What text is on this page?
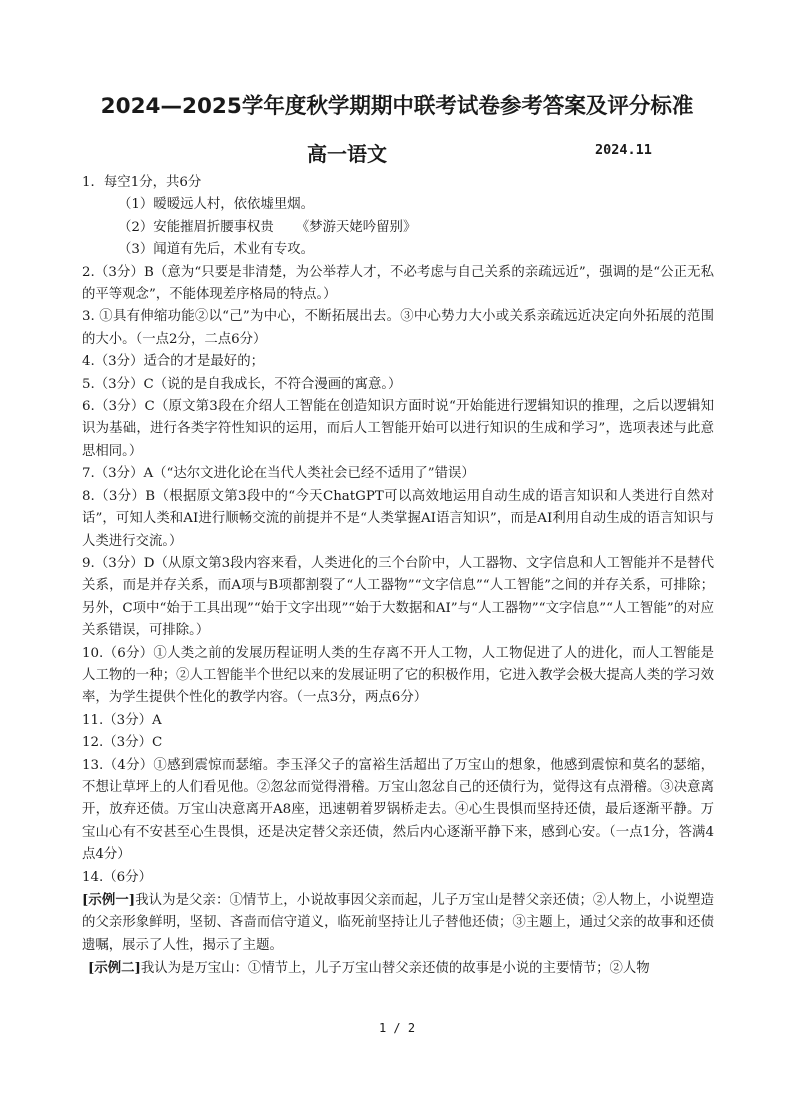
2024—2025学年度秋学期期中联考试卷参考答案及评分标准
高一语文	2024.11

1．每空1分，共6分

（1）暧暧远人村，依依墟里烟。

（2）安能摧眉折腰事权贵 《梦游天姥吟留别》

（3）闻道有先后，术业有专攻。

2.（3分）B（意为“只要是非清楚，为公举荐人才，不必考虑与自己关系的亲疏远近”，强调的是“公正无私的平等观念”，不能体现差序格局的特点。）

3. ①具有伸缩功能②以“己”为中心，不断拓展出去。③中心势力大小或关系亲疏远近决定向外拓展的范围的大小。（一点2分，二点6分）

4.（3分）适合的才是最好的；

5.（3分）C（说的是自我成长，不符合漫画的寓意。）

6.（3分）C（原文第3段在介绍人工智能在创造知识方面时说“开始能进行逻辑知识的推理，之后以逻辑知识为基础，进行各类字符性知识的运用，而后人工智能开始可以进行知识的生成和学习”，选项表述与此意思相同。）

7.（3分）A（“达尔文进化论在当代人类社会已经不适用了”错误）

8.（3分）B（根据原文第3段中的“今天ChatGPT可以高效地运用自动生成的语言知识和人类进行自然对话”，可知人类和AI进行顺畅交流的前提并不是“人类掌握AI语言知识”，而是AI利用自动生成的语言知识与人类进行交流。）

9.（3分）D（从原文第3段内容来看，人类进化的三个台阶中，人工器物、文字信息和人工智能并不是替代关系，而是并存关系，而A项与B项都割裂了“人工器物”“文字信息”“人工智能”之间的并存关系，可排除；另外，C项中“始于工具出现”“始于文字出现”“始于大数据和AI”与“人工器物”“文字信息”“人工智能”的对应关系错误，可排除。）

10.（6分）①人类之前的发展历程证明人类的生存离不开人工物，人工物促进了人的进化，而人工智能是人工物的一种；②人工智能半个世纪以来的发展证明了它的积极作用，它进入教学会极大提高人类的学习效率，为学生提供个性化的教学内容。（一点3分，两点6分）

11.（3分）A

12.（3分）C

13.（4分）①感到震惊而瑟缩。李玉泽父子的富裕生活超出了万宝山的想象，他感到震惊和莫名的瑟缩，不想让草坪上的人们看见他。②忽忿而觉得滑稽。万宝山忽忿自己的还债行为，觉得这有点滑稽。③决意离开，放弃还债。万宝山决意离开A8座，迅速朝着罗锅桥走去。④心生畏惧而坚持还债，最后逐渐平静。万宝山心有不安甚至心生畏惧，还是决定替父亲还债，然后内心逐渐平静下来，感到心安。（一点1分，答满4点4分）

14.（6分）

[示例一]我认为是父亲：①情节上，小说故事因父亲而起，儿子万宝山是替父亲还债；②人物上，小说塑造的父亲形象鲜明，坚韧、吝啬而信守道义，临死前坚持让儿子替他还债；③主题上，通过父亲的故事和还债遗嘱，展示了人性，揭示了主题。

[示例二]我认为是万宝山：①情节上，儿子万宝山替父亲还债的故事是小说的主要情节；②人物

1 / 2
